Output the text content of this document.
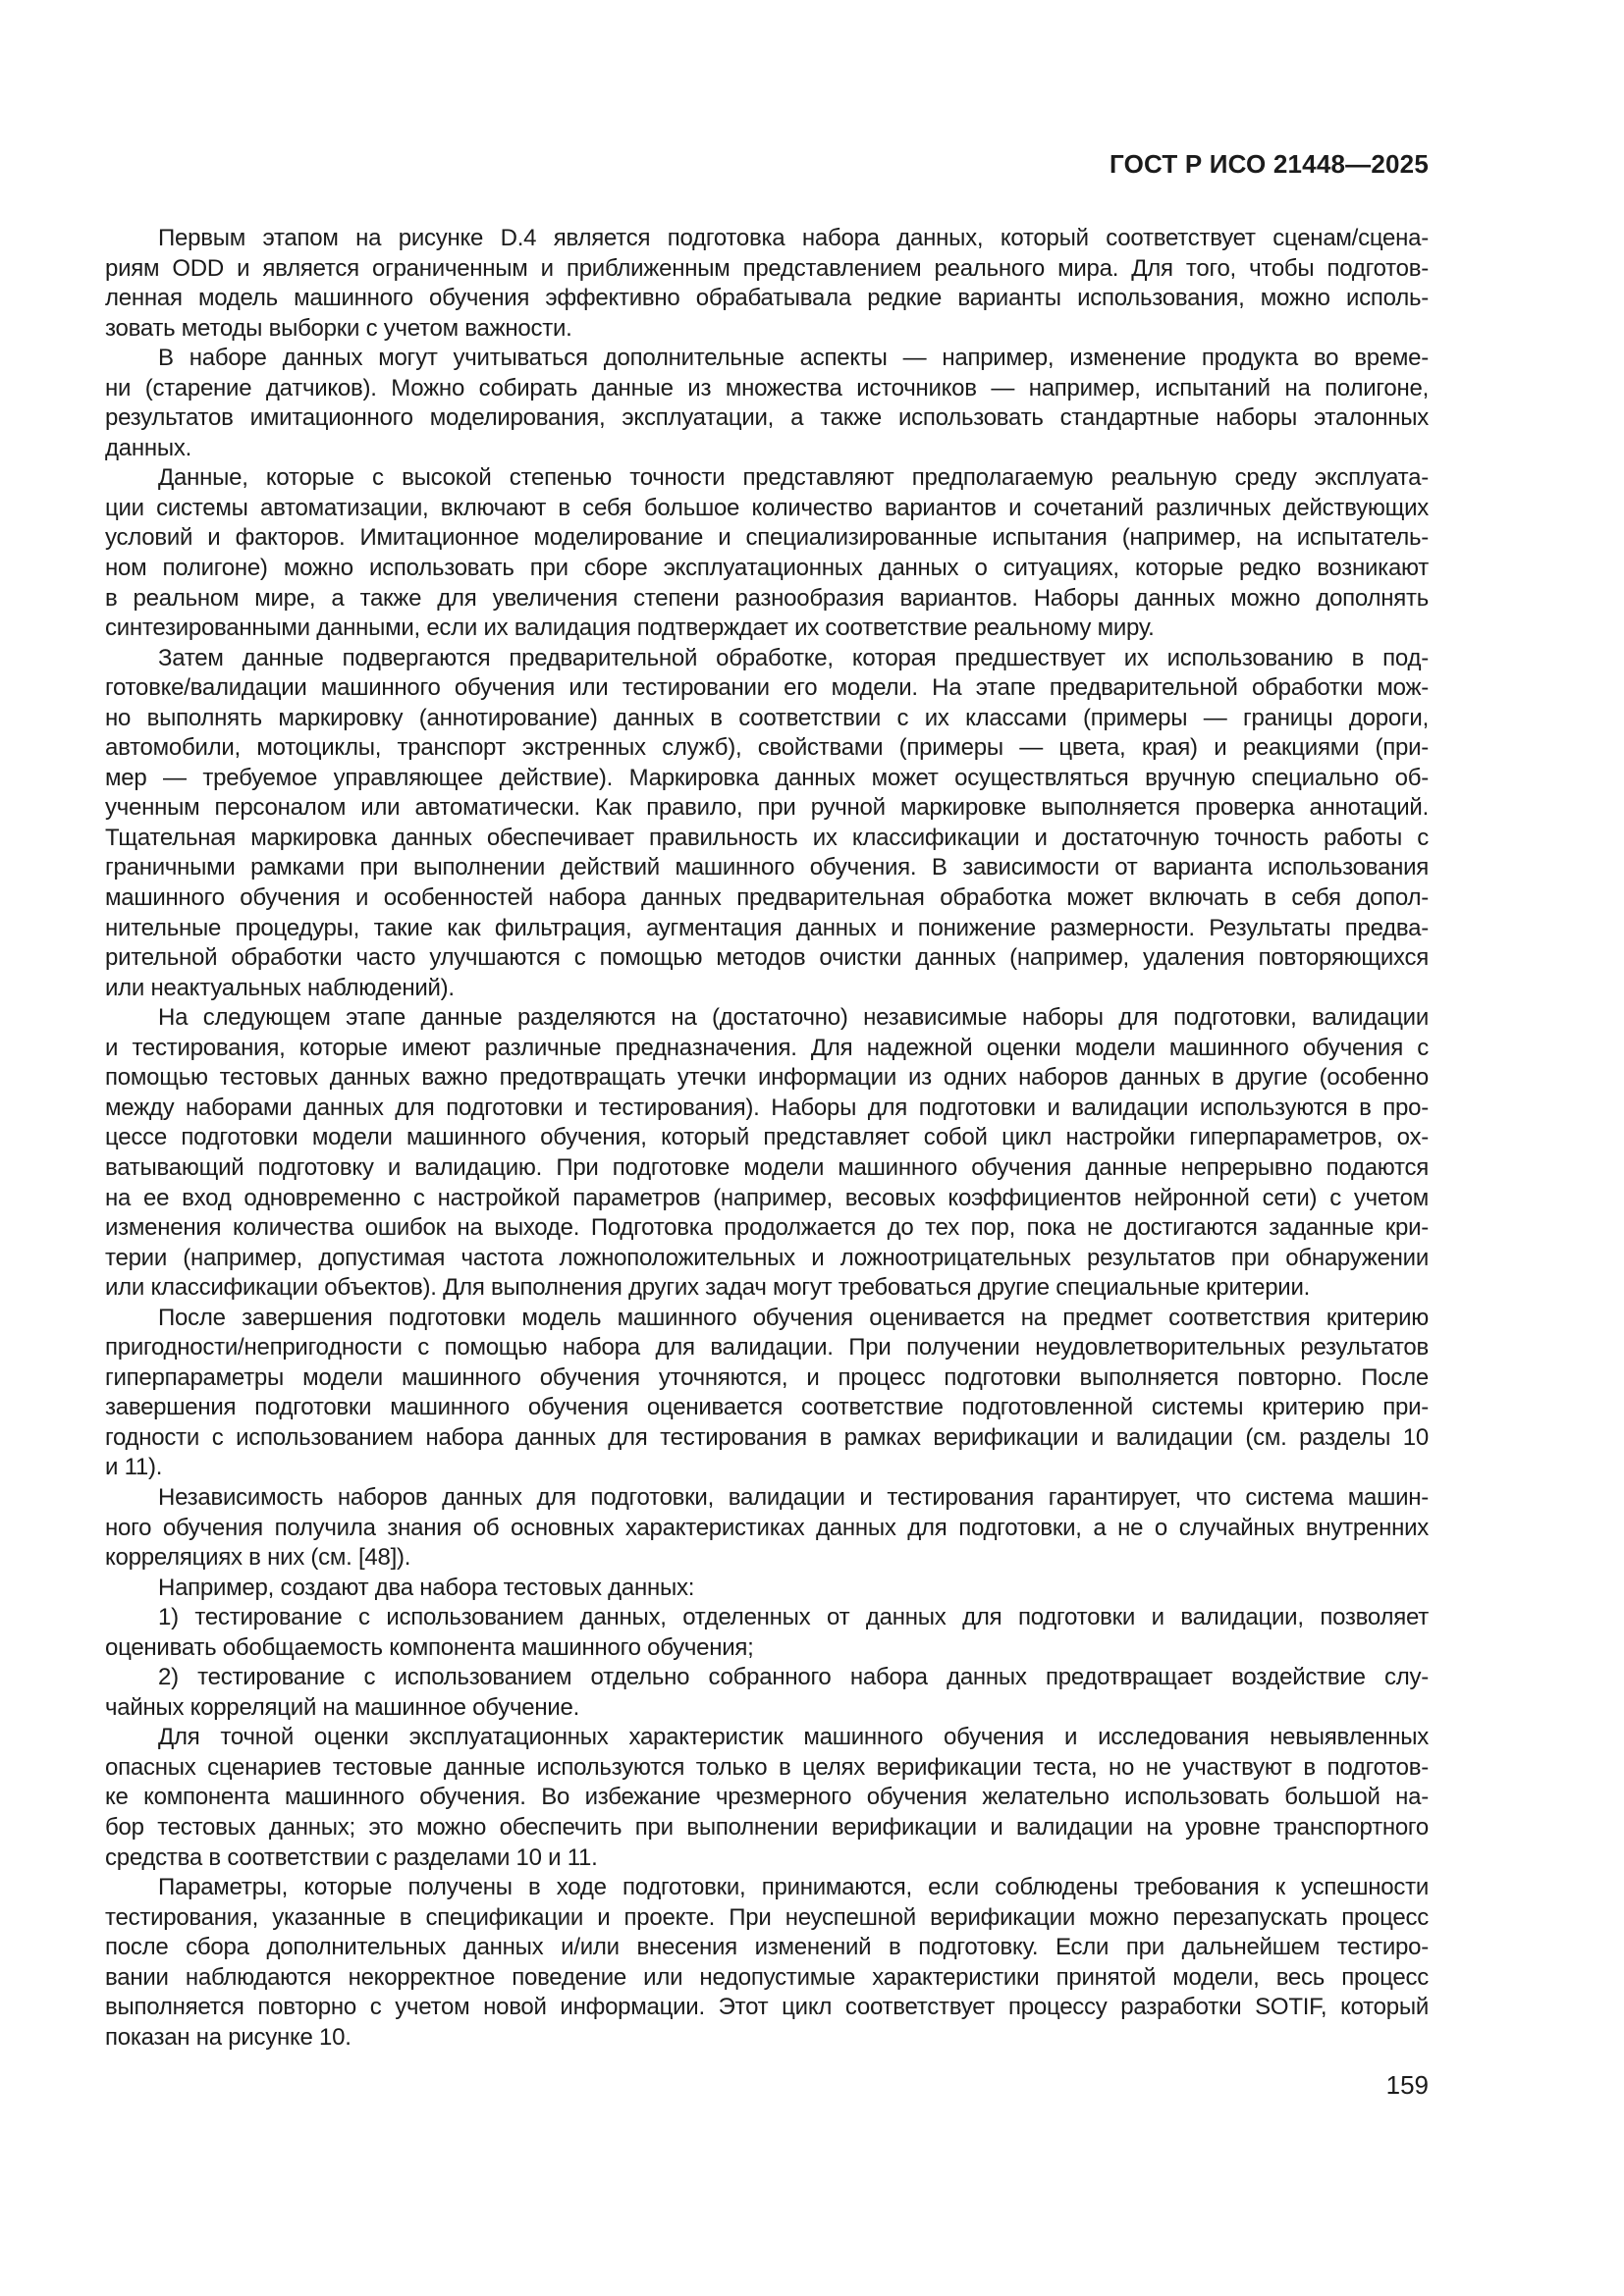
ГОСТ Р ИСО 21448—2025
Первым этапом на рисунке D.4 является подготовка набора данных, который соответствует сценам/сцена-
риям ODD и является ограниченным и приближенным представлением реального мира. Для того, чтобы подготов-
ленная модель машинного обучения эффективно обрабатывала редкие варианты использования, можно исполь-
зовать методы выборки с учетом важности.
В наборе данных могут учитываться дополнительные аспекты — например, изменение продукта во време-
ни (старение датчиков). Можно собирать данные из множества источников — например, испытаний на полигоне,
результатов имитационного моделирования, эксплуатации, а также использовать стандартные наборы эталонных
данных.
Данные, которые с высокой степенью точности представляют предполагаемую реальную среду эксплуата-
ции системы автоматизации, включают в себя большое количество вариантов и сочетаний различных действующих
условий и факторов. Имитационное моделирование и специализированные испытания (например, на испытатель-
ном полигоне) можно использовать при сборе эксплуатационных данных о ситуациях, которые редко возникают
в реальном мире, а также для увеличения степени разнообразия вариантов. Наборы данных можно дополнять
синтезированными данными, если их валидация подтверждает их соответствие реальному миру.
Затем данные подвергаются предварительной обработке, которая предшествует их использованию в под-
готовке/валидации машинного обучения или тестировании его модели. На этапе предварительной обработки мож-
но выполнять маркировку (аннотирование) данных в соответствии с их классами (примеры — границы дороги,
автомобили, мотоциклы, транспорт экстренных служб), свойствами (примеры — цвета, края) и реакциями (при-
мер — требуемое управляющее действие). Маркировка данных может осуществляться вручную специально об-
ученным персоналом или автоматически. Как правило, при ручной маркировке выполняется проверка аннотаций.
Тщательная маркировка данных обеспечивает правильность их классификации и достаточную точность работы с
граничными рамками при выполнении действий машинного обучения. В зависимости от варианта использования
машинного обучения и особенностей набора данных предварительная обработка может включать в себя допол-
нительные процедуры, такие как фильтрация, аугментация данных и понижение размерности. Результаты предва-
рительной обработки часто улучшаются с помощью методов очистки данных (например, удаления повторяющихся
или неактуальных наблюдений).
На следующем этапе данные разделяются на (достаточно) независимые наборы для подготовки, валидации
и тестирования, которые имеют различные предназначения. Для надежной оценки модели машинного обучения с
помощью тестовых данных важно предотвращать утечки информации из одних наборов данных в другие (особенно
между наборами данных для подготовки и тестирования). Наборы для подготовки и валидации используются в про-
цессе подготовки модели машинного обучения, который представляет собой цикл настройки гиперпараметров, ох-
ватывающий подготовку и валидацию. При подготовке модели машинного обучения данные непрерывно подаются
на ее вход одновременно с настройкой параметров (например, весовых коэффициентов нейронной сети) с учетом
изменения количества ошибок на выходе. Подготовка продолжается до тех пор, пока не достигаются заданные кри-
терии (например, допустимая частота ложноположительных и ложноотрицательных результатов при обнаружении
или классификации объектов). Для выполнения других задач могут требоваться другие специальные критерии.
После завершения подготовки модель машинного обучения оценивается на предмет соответствия критерию
пригодности/непригодности с помощью набора для валидации. При получении неудовлетворительных результатов
гиперпараметры модели машинного обучения уточняются, и процесс подготовки выполняется повторно. После
завершения подготовки машинного обучения оценивается соответствие подготовленной системы критерию при-
годности с использованием набора данных для тестирования в рамках верификации и валидации (см. разделы 10
и 11).
Независимость наборов данных для подготовки, валидации и тестирования гарантирует, что система машин-
ного обучения получила знания об основных характеристиках данных для подготовки, а не о случайных внутренних
корреляциях в них (см. [48]).
Например, создают два набора тестовых данных:
1) тестирование с использованием данных, отделенных от данных для подготовки и валидации, позволяет
оценивать обобщаемость компонента машинного обучения;
2) тестирование с использованием отдельно собранного набора данных предотвращает воздействие слу-
чайных корреляций на машинное обучение.
Для точной оценки эксплуатационных характеристик машинного обучения и исследования невыявленных
опасных сценариев тестовые данные используются только в целях верификации теста, но не участвуют в подготов-
ке компонента машинного обучения. Во избежание чрезмерного обучения желательно использовать большой на-
бор тестовых данных; это можно обеспечить при выполнении верификации и валидации на уровне транспортного
средства в соответствии с разделами 10 и 11.
Параметры, которые получены в ходе подготовки, принимаются, если соблюдены требования к успешности
тестирования, указанные в спецификации и проекте. При неуспешной верификации можно перезапускать процесс
после сбора дополнительных данных и/или внесения изменений в подготовку. Если при дальнейшем тестиро-
вании наблюдаются некорректное поведение или недопустимые характеристики принятой модели, весь процесс
выполняется повторно с учетом новой информации. Этот цикл соответствует процессу разработки SOTIF, который
показан на рисунке 10.
159
